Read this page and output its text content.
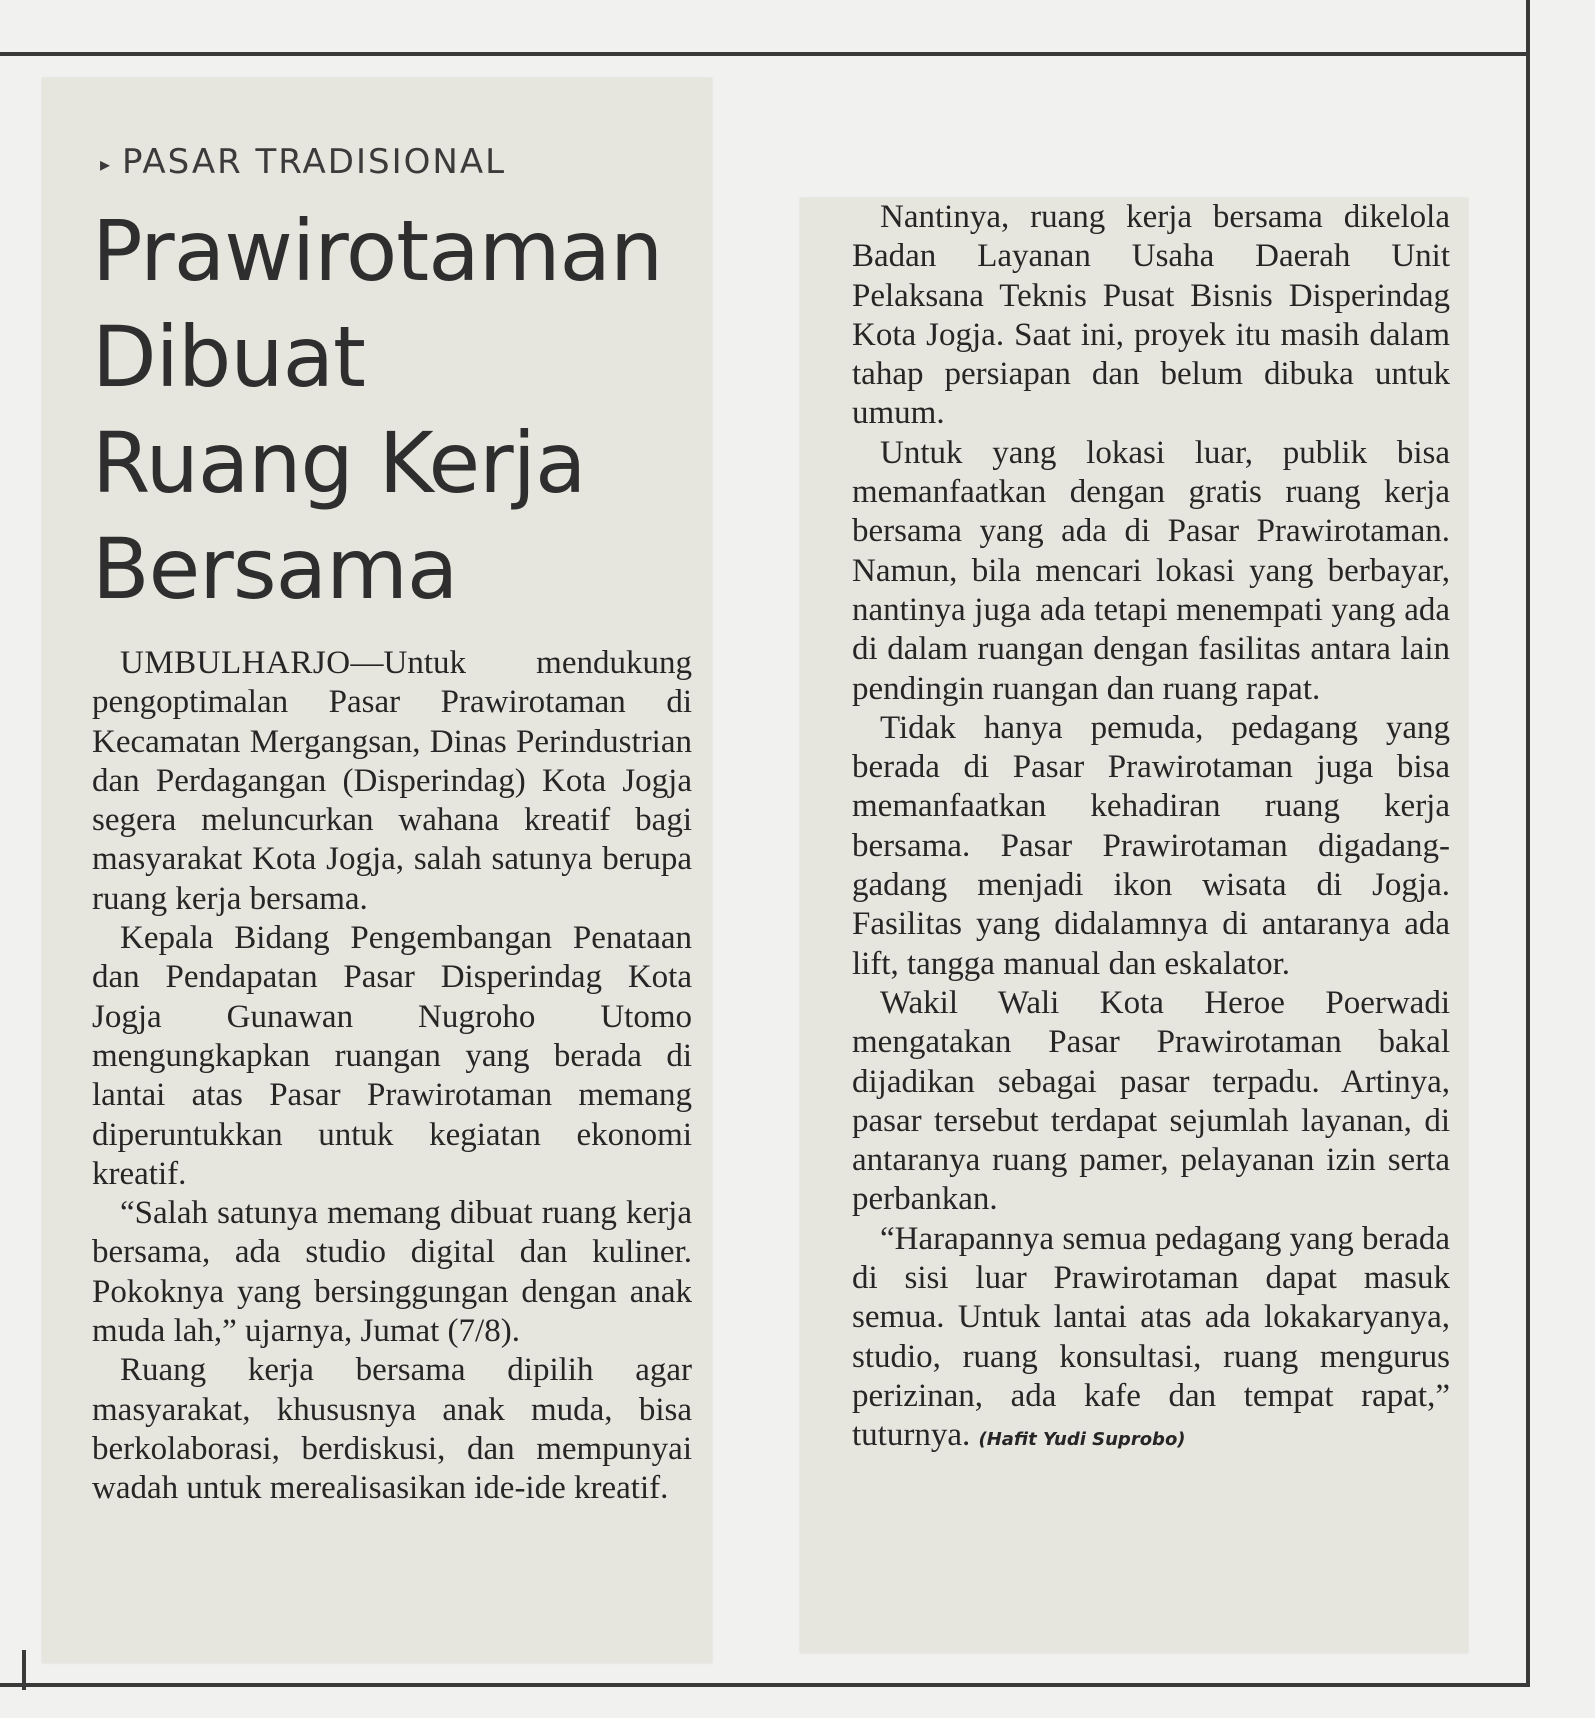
▸ PASAR TRADISIONAL
Prawirotaman
Dibuat
Ruang Kerja
Bersama

UMBULHARJO—Untuk mendukung pengoptimalan Pasar Prawirotaman di Kecamatan Mergangsan, Dinas Perindustrian dan Perdagangan (Disperindag) Kota Jogja segera meluncurkan wahana kreatif bagi masyarakat Kota Jogja, salah satunya berupa ruang kerja bersama.

Kepala Bidang Pengembangan Penataan dan Pendapatan Pasar Disperindag Kota Jogja Gunawan Nugroho Utomo mengungkapkan ruangan yang berada di lantai atas Pasar Prawirotaman memang diperuntukkan untuk kegiatan ekonomi kreatif.

“Salah satunya memang dibuat ruang kerja bersama, ada studio digital dan kuliner. Pokoknya yang bersinggungan dengan anak muda lah,” ujarnya, Jumat (7/8).

Ruang kerja bersama dipilih agar masyarakat, khususnya anak muda, bisa berkolaborasi, berdiskusi, dan mempunyai wadah untuk merealisasikan ide-ide kreatif.

Nantinya, ruang kerja bersama dikelola Badan Layanan Usaha Daerah Unit Pelaksana Teknis Pusat Bisnis Disperindag Kota Jogja. Saat ini, proyek itu masih dalam tahap persiapan dan belum dibuka untuk umum.

Untuk yang lokasi luar, publik bisa memanfaatkan dengan gratis ruang kerja bersama yang ada di Pasar Prawirotaman. Namun, bila mencari lokasi yang berbayar, nantinya juga ada tetapi menempati yang ada di dalam ruangan dengan fasilitas antara lain pendingin ruangan dan ruang rapat.

Tidak hanya pemuda, pedagang yang berada di Pasar Prawirotaman juga bisa memanfaatkan kehadiran ruang kerja bersama. Pasar Prawirotaman digadang-gadang menjadi ikon wisata di Jogja. Fasilitas yang didalamnya di antaranya ada lift, tangga manual dan eskalator.

Wakil Wali Kota Heroe Poerwadi mengatakan Pasar Prawirotaman bakal dijadikan sebagai pasar terpadu. Artinya, pasar tersebut terdapat sejumlah layanan, di antaranya ruang pamer, pelayanan izin serta perbankan.

“Harapannya semua pedagang yang berada di sisi luar Prawirotaman dapat masuk semua. Untuk lantai atas ada lokakaryanya, studio, ruang konsultasi, ruang mengurus perizinan, ada kafe dan tempat rapat,” tuturnya. (Hafit Yudi Suprobo)
